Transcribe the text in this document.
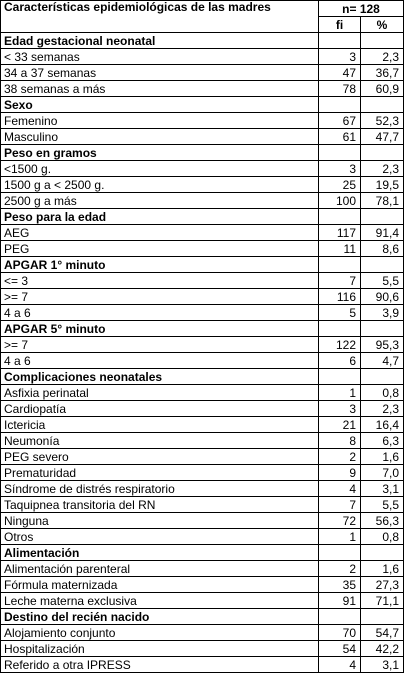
Características epidemiológicas de las madres	n= 128	
	fi	%
Edad gestacional neonatal		
< 33 semanas	3	2,3
34 a 37 semanas	47	36,7
38 semanas a más	78	60,9
Sexo		
Femenino	67	52,3
Masculino	61	47,7
Peso en gramos		
<1500 g.	3	2,3
1500 g a < 2500 g.	25	19,5
2500 g a más	100	78,1
Peso para la edad		
AEG	117	91,4
PEG	11	8,6
APGAR 1° minuto		
<= 3	7	5,5
>= 7	116	90,6
4 a 6	5	3,9
APGAR 5° minuto		
>= 7	122	95,3
4 a 6	6	4,7
Complicaciones neonatales		
Asfixia perinatal	1	0,8
Cardiopatía	3	2,3
Ictericia	21	16,4
Neumonía	8	6,3
PEG severo	2	1,6
Prematuridad	9	7,0
Síndrome de distrés respiratorio	4	3,1
Taquipnea transitoria del RN	7	5,5
Ninguna	72	56,3
Otros	1	0,8
Alimentación		
Alimentación parenteral	2	1,6
Fórmula maternizada	35	27,3
Leche materna exclusiva	91	71,1
Destino del recién nacido		
Alojamiento conjunto	70	54,7
Hospitalización	54	42,2
Referido a otra IPRESS	4	3,1
